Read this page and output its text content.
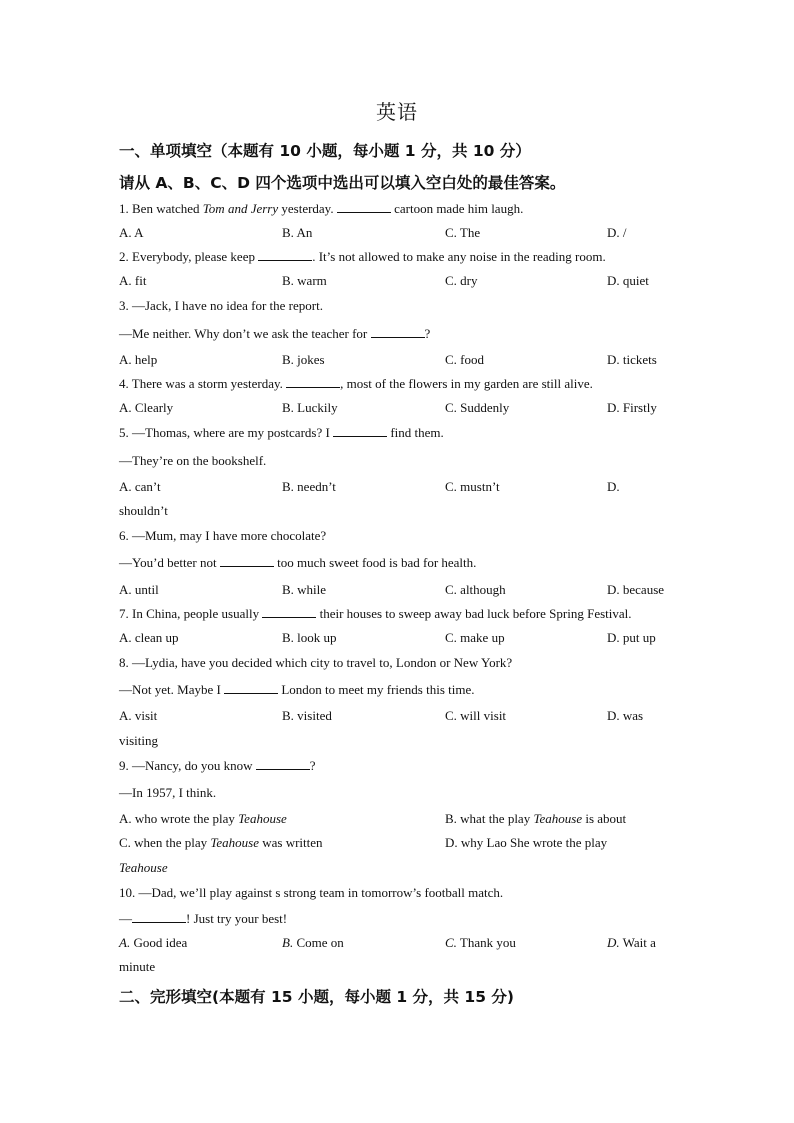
英语
一、单项填空（本题有 10 小题，每小题 1 分，共 10 分）
请从 A、B、C、D 四个选项中选出可以填入空白处的最佳答案。
1. Ben watched Tom and Jerry yesterday.	cartoon made him laugh.
A. A	B. An	C. The	D. /
2. Everybody, please keep	. It’s not allowed to make any noise in the reading room.
A. fit	B. warm	C. dry	D. quiet
3. —Jack, I have no idea for the report.
—Me neither. Why don’t we ask the teacher for	?
A. help	B. jokes	C. food	D. tickets
4. There was a storm yesterday.	, most of the flowers in my garden are still alive.
A. Clearly	B. Luckily	C. Suddenly	D. Firstly
5. —Thomas, where are my postcards? I	find them.
—They’re on the bookshelf.
A. can’t	B. needn’t	C. mustn’t	D.
shouldn’t
6. —Mum, may I have more chocolate?
—You’d better not	too much sweet food is bad for health.
A. until	B. while	C. although	D. because
7. In China, people usually	their houses to sweep away bad luck before Spring Festival.
A. clean up	B. look up	C. make up	D. put up
8. —Lydia, have you decided which city to travel to, London or New York?
—Not yet. Maybe I	London to meet my friends this time.
A. visit	B. visited	C. will visit	D. was
visiting
9. —Nancy, do you know	?
—In 1957, I think.
A. who wrote the play Teahouse	B. what the play Teahouse is about
C. when the play Teahouse was written	D. why Lao She wrote the play
Teahouse
10. —Dad, we’ll play against s strong team in tomorrow’s football match.
—	! Just try your best!
A. Good idea	B. Come on	C. Thank you	D. Wait a
minute
二、完形填空(本题有 15 小题，每小题 1 分，共 15 分)
